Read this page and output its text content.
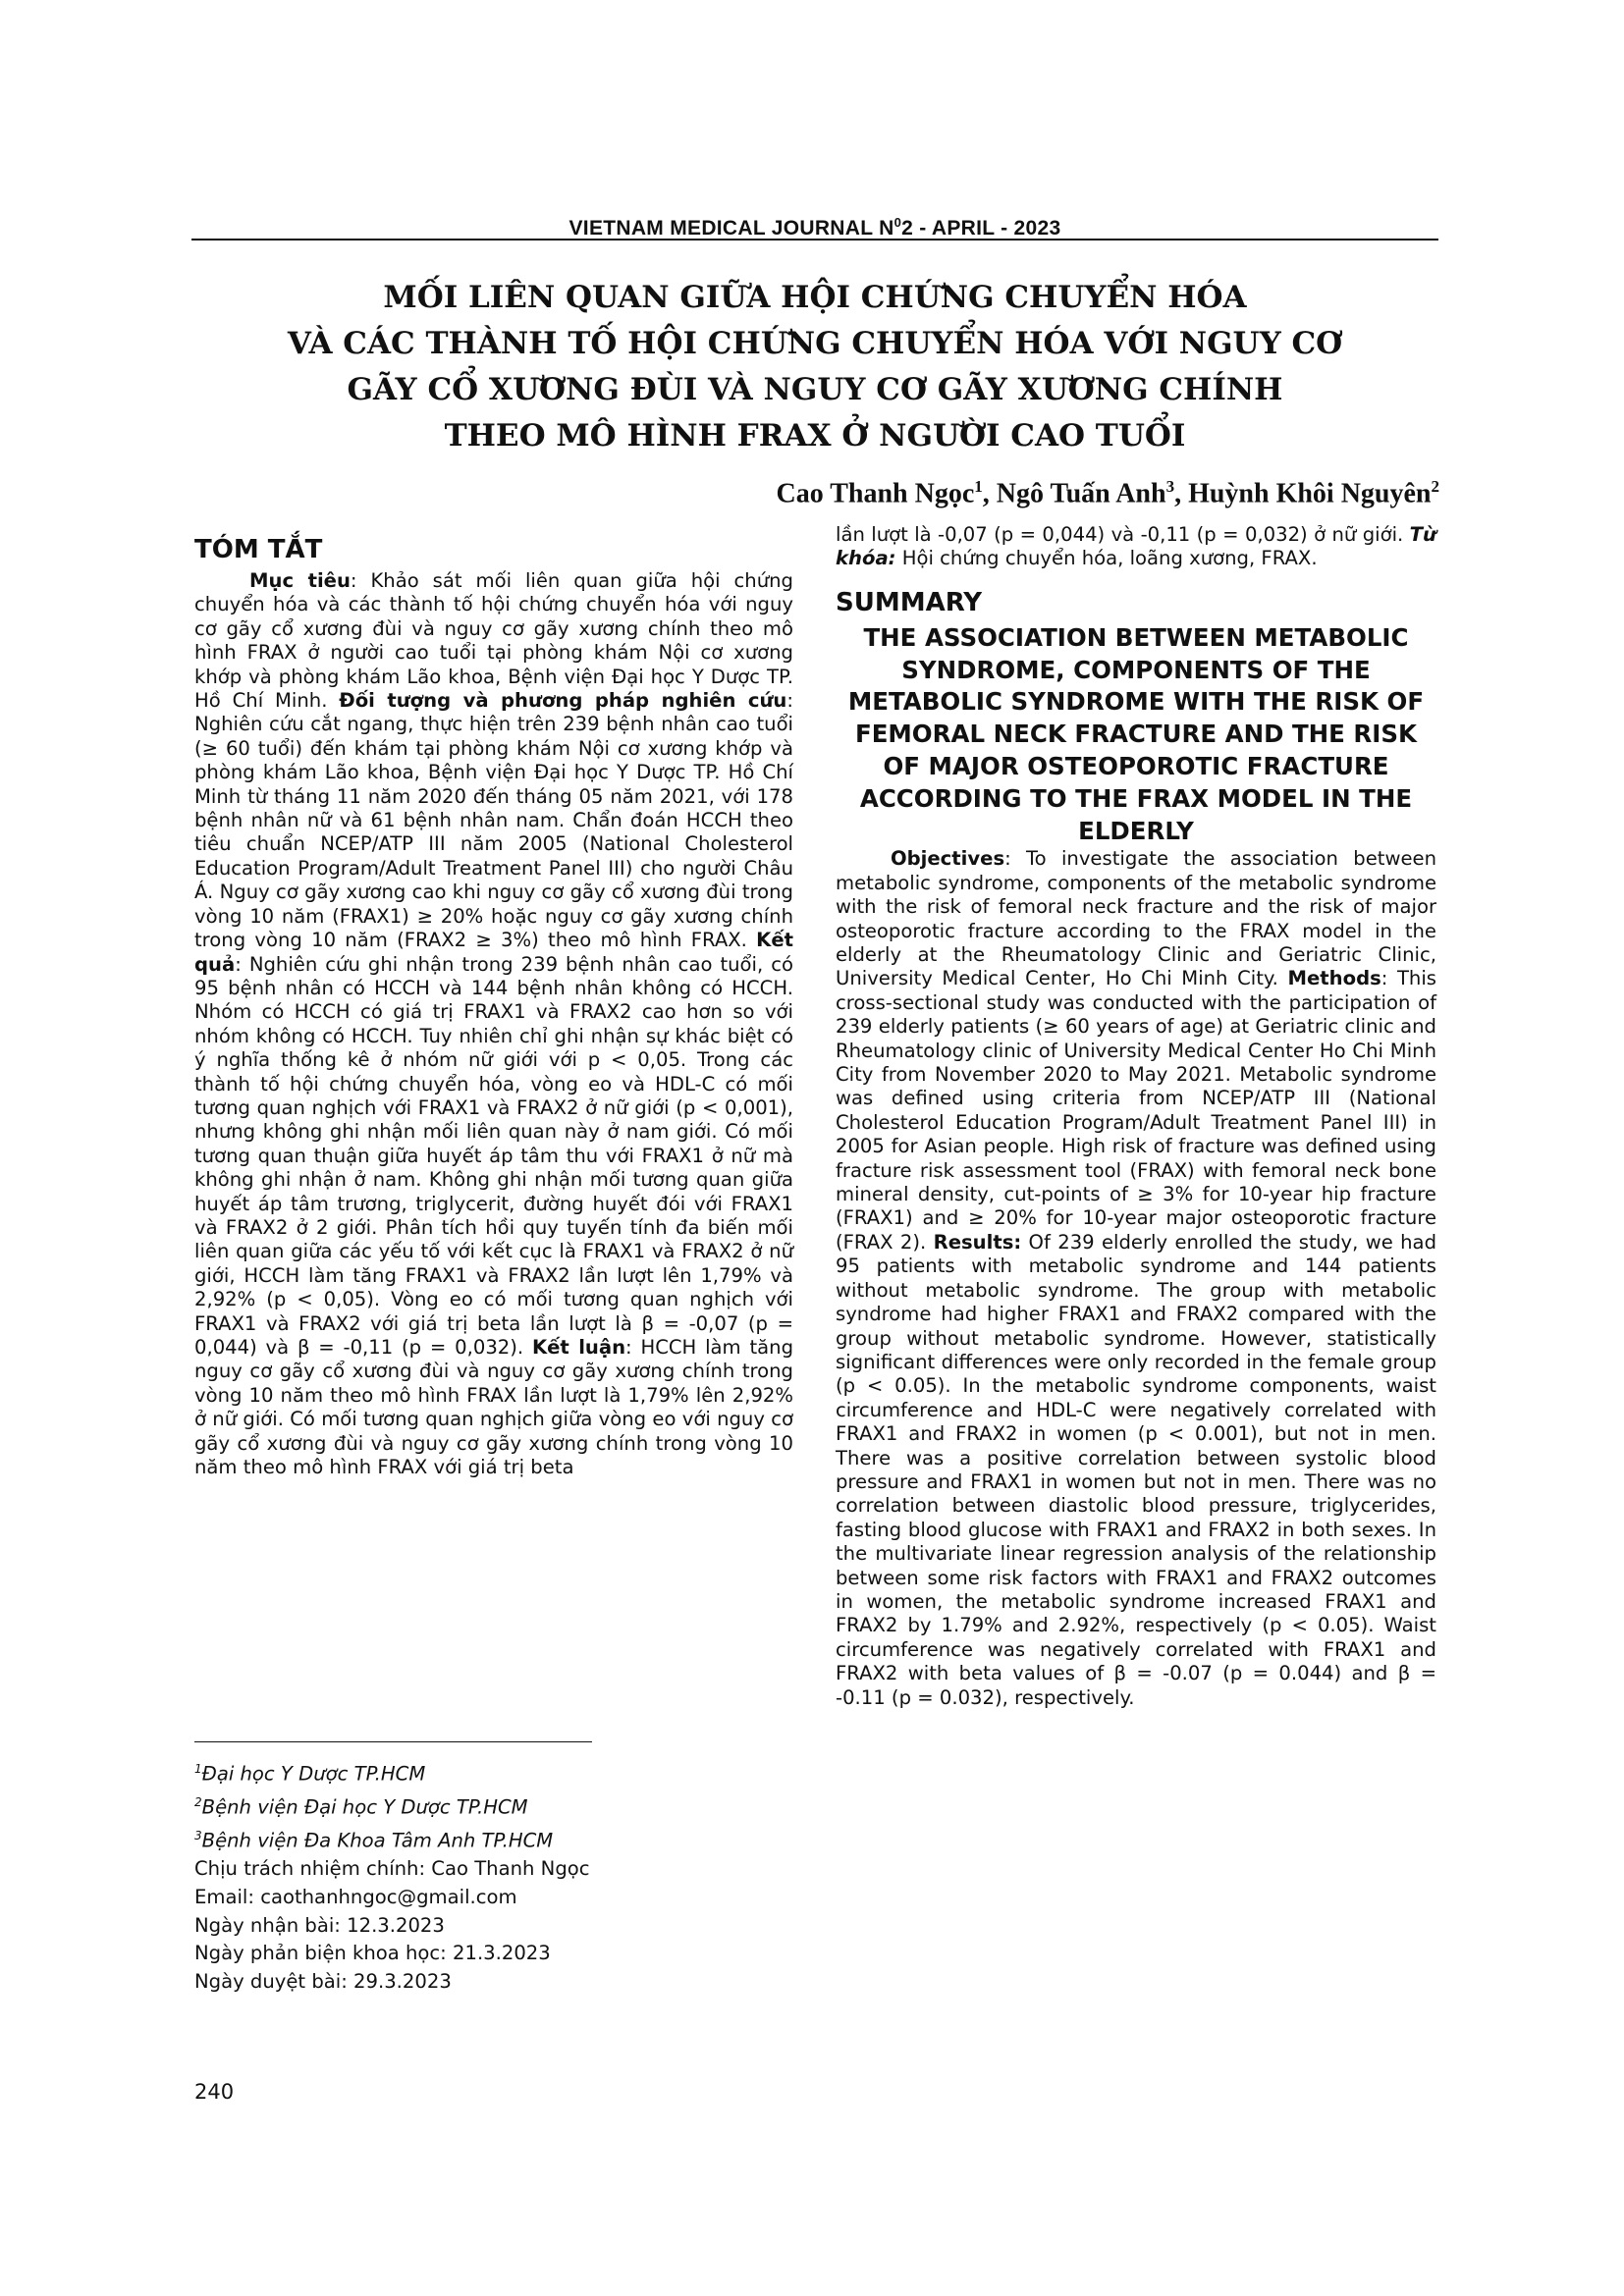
VIETNAM MEDICAL JOURNAL $N^02$ - APRIL - 2023
MỐI LIÊN QUAN GIỮA HỘI CHỨNG CHUYỂN HÓA
VÀ CÁC THÀNH TỐ HỘI CHỨNG CHUYỂN HÓA VỚI NGUY CƠ
GÃY CỔ XƯƠNG ĐÙI VÀ NGUY CƠ GÃY XƯƠNG CHÍNH
THEO MÔ HÌNH FRAX Ở NGƯỜI CAO TUỔI
Cao Thanh Ngọc$^1$, Ngô Tuấn Anh$^3$, Huỳnh Khôi Nguyên$^2$
TÓM TẮT
Mục tiêu: Khảo sát mối liên quan giữa hội chứng chuyển hóa và các thành tố hội chứng chuyển hóa với nguy cơ gãy cổ xương đùi và nguy cơ gãy xương chính theo mô hình FRAX ở người cao tuổi tại phòng khám Nội cơ xương khớp và phòng khám Lão khoa, Bệnh viện Đại học Y Dược TP. Hồ Chí Minh. Đối tượng và phương pháp nghiên cứu: Nghiên cứu cắt ngang, thực hiện trên 239 bệnh nhân cao tuổi (≥ 60 tuổi) đến khám tại phòng khám Nội cơ xương khớp và phòng khám Lão khoa, Bệnh viện Đại học Y Dược TP. Hồ Chí Minh từ tháng 11 năm 2020 đến tháng 05 năm 2021, với 178 bệnh nhân nữ và 61 bệnh nhân nam. Chẩn đoán HCCH theo tiêu chuẩn NCEP/ATP III năm 2005 (National Cholesterol Education Program/Adult Treatment Panel III) cho người Châu Á. Nguy cơ gãy xương cao khi nguy cơ gãy cổ xương đùi trong vòng 10 năm (FRAX1) ≥ 20% hoặc nguy cơ gãy xương chính trong vòng 10 năm (FRAX2 ≥ 3%) theo mô hình FRAX. Kết quả: Nghiên cứu ghi nhận trong 239 bệnh nhân cao tuổi, có 95 bệnh nhân có HCCH và 144 bệnh nhân không có HCCH. Nhóm có HCCH có giá trị FRAX1 và FRAX2 cao hơn so với nhóm không có HCCH. Tuy nhiên chỉ ghi nhận sự khác biệt có ý nghĩa thống kê ở nhóm nữ giới với p < 0,05. Trong các thành tố hội chứng chuyển hóa, vòng eo và HDL-C có mối tương quan nghịch với FRAX1 và FRAX2 ở nữ giới (p < 0,001), nhưng không ghi nhận mối liên quan này ở nam giới. Có mối tương quan thuận giữa huyết áp tâm thu với FRAX1 ở nữ mà không ghi nhận ở nam. Không ghi nhận mối tương quan giữa huyết áp tâm trương, triglycerit, đường huyết đói với FRAX1 và FRAX2 ở 2 giới. Phân tích hồi quy tuyến tính đa biến mối liên quan giữa các yếu tố với kết cục là FRAX1 và FRAX2 ở nữ giới, HCCH làm tăng FRAX1 và FRAX2 lần lượt lên 1,79% và 2,92% (p < 0,05). Vòng eo có mối tương quan nghịch với FRAX1 và FRAX2 với giá trị beta lần lượt là β = -0,07 (p = 0,044) và β = -0,11 (p = 0,032). Kết luận: HCCH làm tăng nguy cơ gãy cổ xương đùi và nguy cơ gãy xương chính trong vòng 10 năm theo mô hình FRAX lần lượt là 1,79% lên 2,92% ở nữ giới. Có mối tương quan nghịch giữa vòng eo với nguy cơ gãy cổ xương đùi và nguy cơ gãy xương chính trong vòng 10 năm theo mô hình FRAX với giá trị beta
lần lượt là -0,07 (p = 0,044) và -0,11 (p = 0,032) ở nữ giới. Từ khóa: Hội chứng chuyển hóa, loãng xương, FRAX.
SUMMARY
THE ASSOCIATION BETWEEN METABOLIC SYNDROME, COMPONENTS OF THE METABOLIC SYNDROME WITH THE RISK OF FEMORAL NECK FRACTURE AND THE RISK OF MAJOR OSTEOPOROTIC FRACTURE ACCORDING TO THE FRAX MODEL IN THE ELDERLY
Objectives: To investigate the association between metabolic syndrome, components of the metabolic syndrome with the risk of femoral neck fracture and the risk of major osteoporotic fracture according to the FRAX model in the elderly at the Rheumatology Clinic and Geriatric Clinic, University Medical Center, Ho Chi Minh City. Methods: This cross-sectional study was conducted with the participation of 239 elderly patients (≥ 60 years of age) at Geriatric clinic and Rheumatology clinic of University Medical Center Ho Chi Minh City from November 2020 to May 2021. Metabolic syndrome was defined using criteria from NCEP/ATP III (National Cholesterol Education Program/Adult Treatment Panel III) in 2005 for Asian people. High risk of fracture was defined using fracture risk assessment tool (FRAX) with femoral neck bone mineral density, cut-points of ≥ 3% for 10-year hip fracture (FRAX1) and ≥ 20% for 10-year major osteoporotic fracture (FRAX 2). Results: Of 239 elderly enrolled the study, we had 95 patients with metabolic syndrome and 144 patients without metabolic syndrome. The group with metabolic syndrome had higher FRAX1 and FRAX2 compared with the group without metabolic syndrome. However, statistically significant differences were only recorded in the female group (p < 0.05). In the metabolic syndrome components, waist circumference and HDL-C were negatively correlated with FRAX1 and FRAX2 in women (p < 0.001), but not in men. There was a positive correlation between systolic blood pressure and FRAX1 in women but not in men. There was no correlation between diastolic blood pressure, triglycerides, fasting blood glucose with FRAX1 and FRAX2 in both sexes. In the multivariate linear regression analysis of the relationship between some risk factors with FRAX1 and FRAX2 outcomes in women, the metabolic syndrome increased FRAX1 and FRAX2 by 1.79% and 2.92%, respectively (p < 0.05). Waist circumference was negatively correlated with FRAX1 and FRAX2 with beta values of β = -0.07 (p = 0.044) and β = -0.11 (p = 0.032), respectively.
$^1$Đại học Y Dược TP.HCM
$^2$Bệnh viện Đại học Y Dược TP.HCM
$^3$Bệnh viện Đa Khoa Tâm Anh TP.HCM
Chịu trách nhiệm chính: Cao Thanh Ngọc
Email: caothanhngoc@gmail.com
Ngày nhận bài: 12.3.2023
Ngày phản biện khoa học: 21.3.2023
Ngày duyệt bài: 29.3.2023
240
